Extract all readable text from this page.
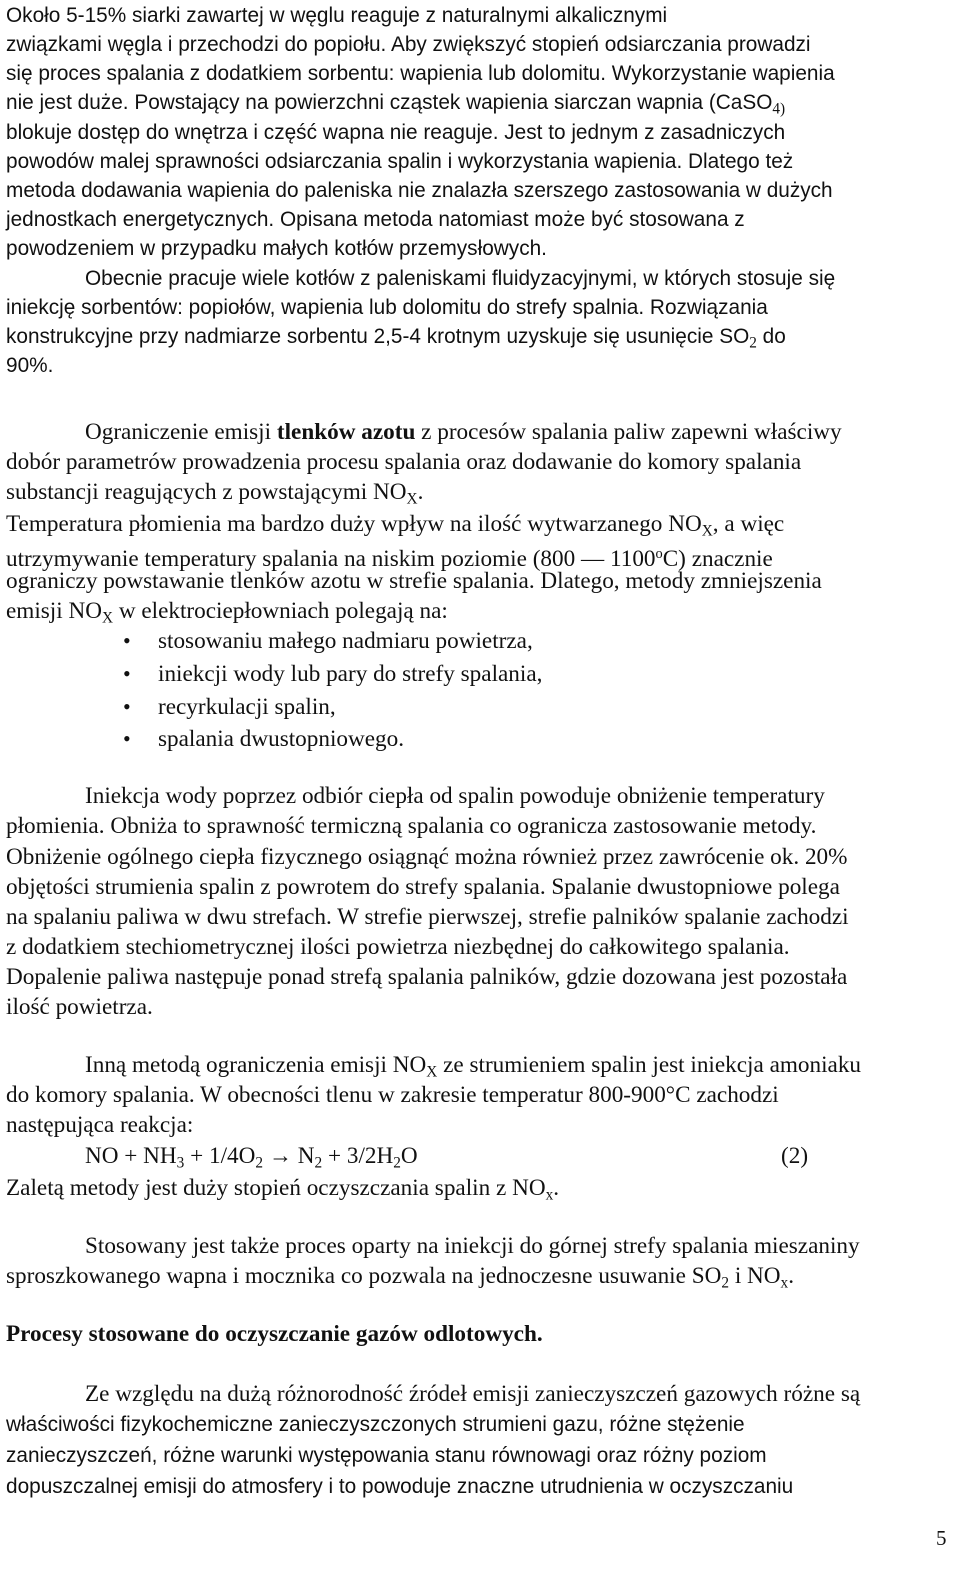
Około 5-15% siarki zawartej w węglu reaguje z naturalnymi alkalicznymi
związkami węgla i przechodzi do popiołu. Aby zwiększyć stopień odsiarczania prowadzi
się proces spalania z dodatkiem sorbentu: wapienia lub dolomitu. Wykorzystanie wapienia
nie jest duże. Powstający na powierzchni cząstek wapienia siarczan wapnia (CaSO$_{4)}$
blokuje dostęp do wnętrza i część wapna nie reaguje. Jest to jednym z zasadniczych
powodów malej sprawności odsiarczania spalin i wykorzystania wapienia. Dlatego też
metoda dodawania wapienia do paleniska nie znalazła szerszego zastosowania w dużych
jednostkach energetycznych. Opisana metoda natomiast może być stosowana z
powodzeniem w przypadku małych kotłów przemysłowych.
Obecnie pracuje wiele kotłów z paleniskami fluidyzacyjnymi, w których stosuje się
iniekcję sorbentów: popiołów, wapienia lub dolomitu do strefy spalnia. Rozwiązania
konstrukcyjne przy nadmiarze sorbentu 2,5-4 krotnym uzyskuje się usunięcie $SO_2$ do
90%.
Ograniczenie emisji tlenków azotu z procesów spalania paliw zapewni właściwy
dobór parametrów prowadzenia procesu spalania oraz dodawanie do komory spalania
substancji reagujących z powstającymi $NO_X$.
Temperatura płomienia ma bardzo duży wpływ na ilość wytwarzanego $NO_X$, a więc
utrzymywanie temperatury spalania na niskim poziomie (800 — 1100$^o$C) znacznie
ograniczy powstawanie tlenków azotu w strefie spalania. Dlatego, metody zmniejszenia
emisji $NO_X$ w elektrociepłowniach polegają na:
• stosowaniu małego nadmiaru powietrza,
• iniekcji wody lub pary do strefy spalania,
• recyrkulacji spalin,
• spalania dwustopniowego.
Iniekcja wody poprzez odbiór ciepła od spalin powoduje obniżenie temperatury
płomienia. Obniża to sprawność termiczną spalania co ogranicza zastosowanie metody.
Obniżenie ogólnego ciepła fizycznego osiągnąć można również przez zawrócenie ok. 20%
objętości strumienia spalin z powrotem do strefy spalania. Spalanie dwustopniowe polega
na spalaniu paliwa w dwu strefach. W strefie pierwszej, strefie palników spalanie zachodzi
z dodatkiem stechiometrycznej ilości powietrza niezbędnej do całkowitego spalania.
Dopalenie paliwa następuje ponad strefą spalania palników, gdzie dozowana jest pozostała
ilość powietrza.
Inną metodą ograniczenia emisji $NO_X$ ze strumieniem spalin jest iniekcja amoniaku
do komory spalania. W obecności tlenu w zakresie temperatur 800-900°C zachodzi
następująca reakcja:
NO + $NH_3 + 1/4O_2 \to N_2 + 3/2H_2O$	(2)
Zaletą metody jest duży stopień oczyszczania spalin z $NO_x$.
Stosowany jest także proces oparty na iniekcji do górnej strefy spalania mieszaniny
sproszkowanego wapna i mocznika co pozwala na jednoczesne usuwanie $SO_2$ i $NO_x$.
Procesy stosowane do oczyszczanie gazów odlotowych.
Ze względu na dużą różnorodność źródeł emisji zanieczyszczeń gazowych różne są
właściwości fizykochemiczne zanieczyszczonych strumieni gazu, różne stężenie
zanieczyszczeń, różne warunki występowania stanu równowagi oraz różny poziom
dopuszczalnej emisji do atmosfery i to powoduje znaczne utrudnienia w oczyszczaniu
5
